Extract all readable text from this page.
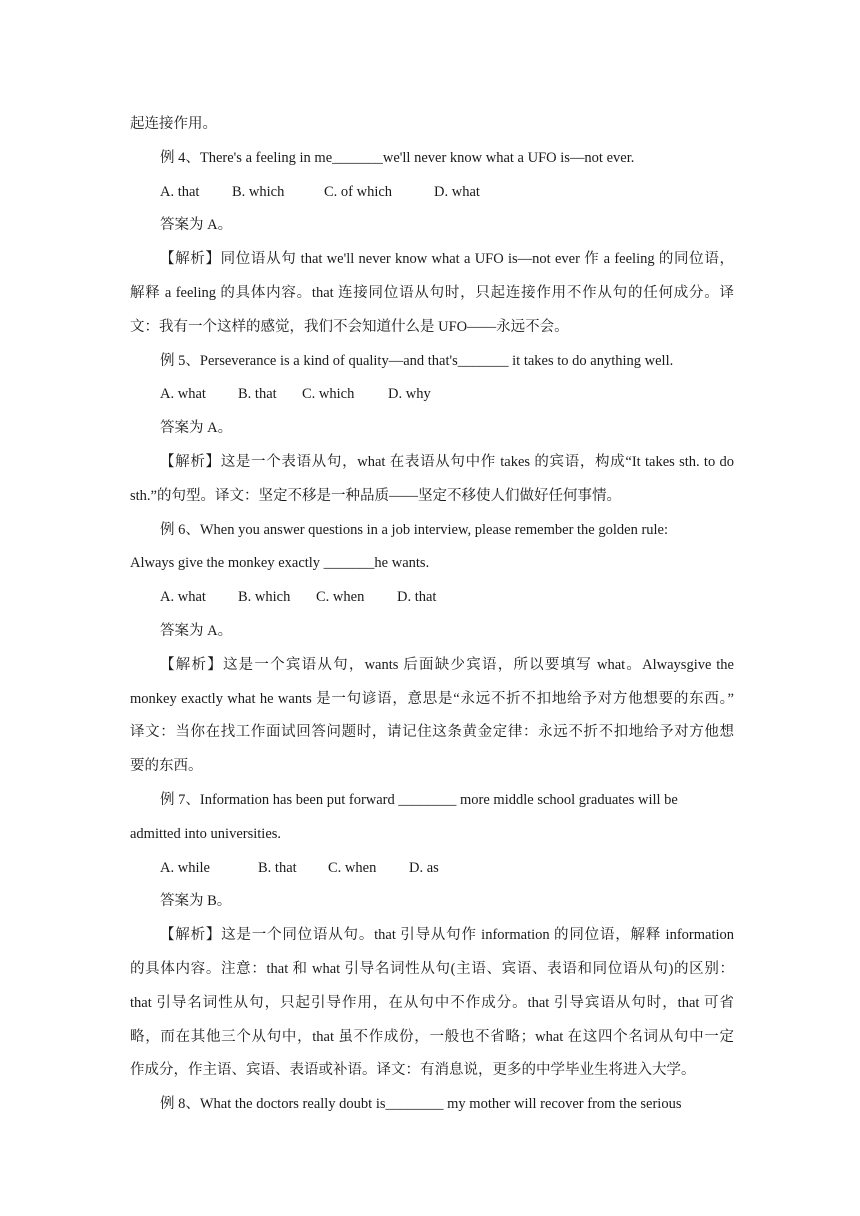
起连接作用。
例 4、There's a feeling in me_______we'll never know what a UFO is—not ever.
A. that B. which	C. of which	D. what
答案为 A。
【解析】同位语从句 that we'll never know what a UFO is—not ever 作 a feeling 的同位语，
解释 a feeling 的具体内容。that 连接同位语从句时，只起连接作用不作从句的任何成分。译
文：我有一个这样的感觉，我们不会知道什么是 UFO——永远不会。
例 5、Perseverance is a kind of quality—and that's_______ it takes to do anything well.
A. what B. that C. which D. why
答案为 A。
【解析】这是一个表语从句，what 在表语从句中作 takes 的宾语，构成“It takes sth. to do
sth.”的句型。译文：坚定不移是一种品质——坚定不移使人们做好任何事情。
例 6、When you answer questions in a job interview, please remember the golden rule:
Always give the monkey exactly _______he wants.
A. what B. which C. when D. that
答案为 A。
【解析】这是一个宾语从句，wants 后面缺少宾语，所以要填写 what。Alwaysgive the
monkey exactly what he wants 是一句谚语，意思是“永远不折不扣地给予对方他想要的东西。”
译文：当你在找工作面试回答问题时，请记住这条黄金定律：永远不折不扣地给予对方他想
要的东西。
例 7、Information has been put forward ________ more middle school graduates will be
admitted into universities.
A. while	B. that C. when D. as
答案为 B。
【解析】这是一个同位语从句。that 引导从句作 information 的同位语，解释 information
的具体内容。注意：that 和 what 引导名词性从句(主语、宾语、表语和同位语从句)的区别：
that 引导名词性从句，只起引导作用，在从句中不作成分。that 引导宾语从句时，that 可省
略，而在其他三个从句中，that 虽不作成份，一般也不省略；what 在这四个名词从句中一定
作成分，作主语、宾语、表语或补语。译文：有消息说，更多的中学毕业生将进入大学。
例 8、What the doctors really doubt is________ my mother will recover from the serious
